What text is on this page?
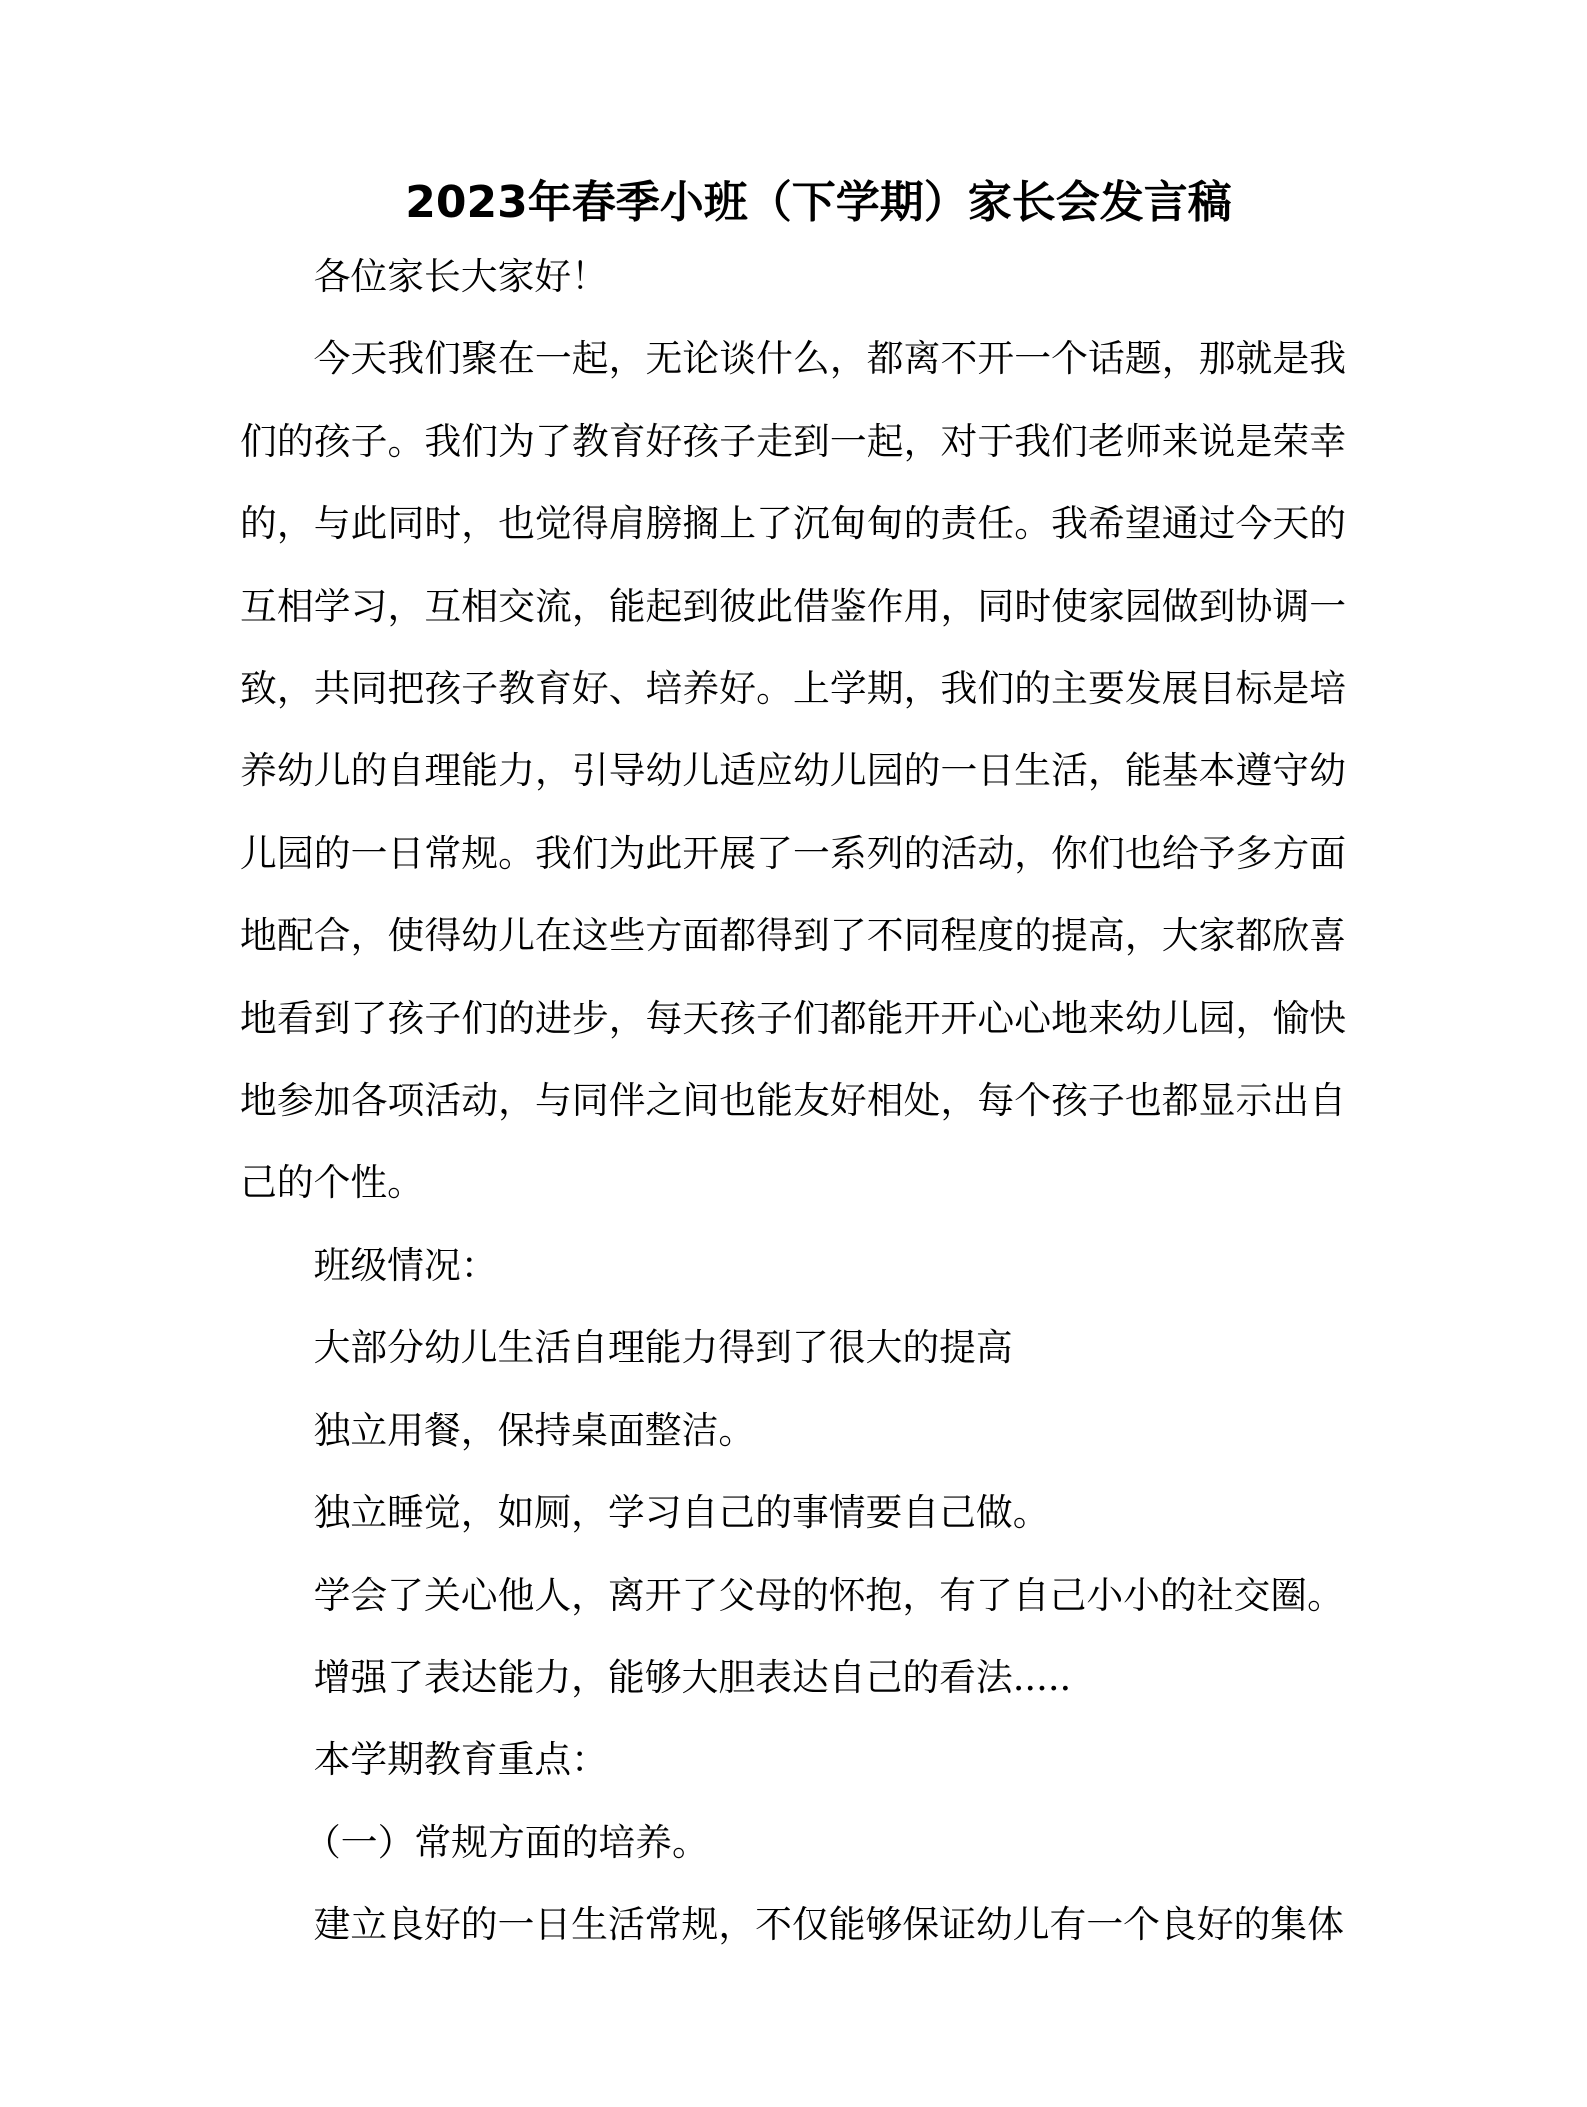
2023年春季小班（下学期）家长会发言稿

各位家长大家好！

今天我们聚在一起，无论谈什么，都离不开一个话题，那就是我们的孩子。我们为了教育好孩子走到一起，对于我们老师来说是荣幸的，与此同时，也觉得肩膀搁上了沉甸甸的责任。我希望通过今天的互相学习，互相交流，能起到彼此借鉴作用，同时使家园做到协调一致，共同把孩子教育好、培养好。上学期，我们的主要发展目标是培养幼儿的自理能力，引导幼儿适应幼儿园的一日生活，能基本遵守幼儿园的一日常规。我们为此开展了一系列的活动，你们也给予多方面地配合，使得幼儿在这些方面都得到了不同程度的提高，大家都欣喜地看到了孩子们的进步，每天孩子们都能开开心心地来幼儿园，愉快地参加各项活动，与同伴之间也能友好相处，每个孩子也都显示出自己的个性。

班级情况：

大部分幼儿生活自理能力得到了很大的提高

独立用餐，保持桌面整洁。

独立睡觉，如厕，学习自己的事情要自己做。

学会了关心他人，离开了父母的怀抱，有了自己小小的社交圈。

增强了表达能力，能够大胆表达自己的看法.....

本学期教育重点：

（一）常规方面的培养。

建立良好的一日生活常规，不仅能够保证幼儿有一个良好的集体
